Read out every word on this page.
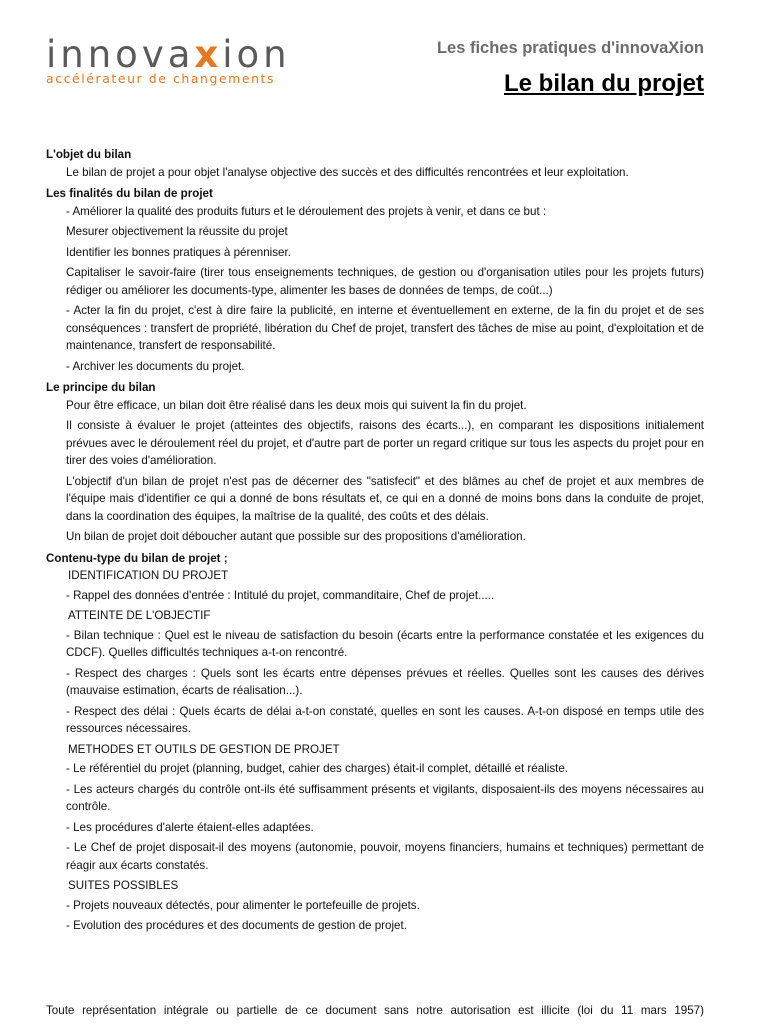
innovaxion
accélérateur de changements
Les fiches pratiques d'innovaXion
Le bilan du projet
L'objet du bilan

Le bilan de projet a pour objet l'analyse objective des succès et des difficultés rencontrées et leur exploitation.

Les finalités du bilan de projet

- Améliorer la qualité des produits futurs et le déroulement des projets à venir, et dans ce but :

Mesurer objectivement la réussite du projet

Identifier les bonnes pratiques à pérenniser.

Capitaliser le savoir-faire (tirer tous enseignements techniques, de gestion ou d'organisation utiles pour les projets futurs) rédiger ou améliorer les documents-type, alimenter les bases de données de temps, de coût...)

- Acter la fin du projet, c'est à dire faire la publicité, en interne et éventuellement en externe, de la fin du projet et de ses conséquences : transfert de propriété, libération du Chef de projet, transfert des tâches de mise au point, d'exploitation et de maintenance, transfert de responsabilité.

- Archiver les documents du projet.

Le principe du bilan

Pour être efficace, un bilan doit être réalisé dans les deux mois qui suivent la fin du projet.

Il consiste à évaluer le projet (atteintes des objectifs, raisons des écarts...), en comparant les dispositions initialement prévues avec le déroulement réel du projet, et d'autre part de porter un regard critique sur tous les aspects du projet pour en tirer des voies d'amélioration.

L'objectif d'un bilan de projet n'est pas de décerner des "satisfecit" et des blâmes au chef de projet et aux membres de l'équipe mais d'identifier ce qui a donné de bons résultats et, ce qui en a donné de moins bons dans la conduite de projet, dans la coordination des équipes, la maîtrise de la qualité, des coûts et des délais.

Un bilan de projet doit déboucher autant que possible sur des propositions d'amélioration.

Contenu-type du bilan de projet ;

IDENTIFICATION DU PROJET

- Rappel des données d'entrée : Intitulé du projet, commanditaire, Chef de projet.....

ATTEINTE DE L'OBJECTIF

- Bilan technique : Quel est le niveau de satisfaction du besoin (écarts entre la performance constatée et les exigences du CDCF). Quelles difficultés techniques a-t-on rencontré.

- Respect des charges : Quels sont les écarts entre dépenses prévues et réelles. Quelles sont les causes des dérives (mauvaise estimation, écarts de réalisation...).

- Respect des délai : Quels écarts de délai a-t-on constaté, quelles en sont les causes. A-t-on disposé en temps utile des ressources nécessaires.

METHODES ET OUTILS DE GESTION DE PROJET

- Le référentiel du projet (planning, budget, cahier des charges) était-il complet, détaillé et réaliste.

- Les acteurs chargés du contrôle ont-ils été suffisamment présents et vigilants, disposaient-ils des moyens nécessaires au contrôle.

- Les procédures d'alerte étaient-elles adaptées.

- Le Chef de projet disposait-il des moyens (autonomie, pouvoir, moyens financiers, humains et techniques) permettant de réagir aux écarts constatés.

SUITES POSSIBLES

- Projets nouveaux détectés, pour alimenter le portefeuille de projets.

- Evolution des procédures et des documents de gestion de projet.

Toute représentation intégrale ou partielle de ce document sans notre autorisation est illicite (loi du 11 mars 1957)
